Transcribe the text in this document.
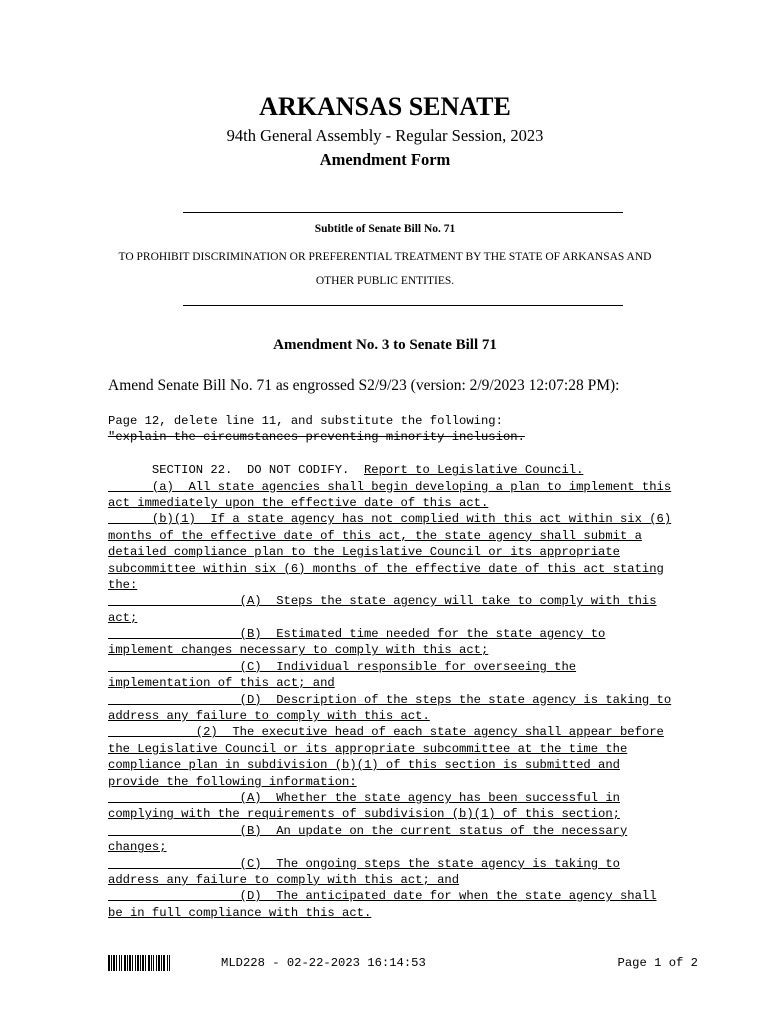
ARKANSAS SENATE
94th General Assembly - Regular Session, 2023
Amendment Form
Subtitle of Senate Bill No. 71
TO PROHIBIT DISCRIMINATION OR PREFERENTIAL TREATMENT BY THE STATE OF ARKANSAS AND OTHER PUBLIC ENTITIES.
Amendment No. 3 to Senate Bill 71
Amend Senate Bill No. 71 as engrossed S2/9/23 (version: 2/9/2023 12:07:28 PM):
Page 12, delete line 11, and substitute the following:
"explain the circumstances preventing minority inclusion.
SECTION 22.  DO NOT CODIFY.  Report to Legislative Council.
(a)  All state agencies shall begin developing a plan to implement this
act immediately upon the effective date of this act.
(b)(1)  If a state agency has not complied with this act within six (6)
months of the effective date of this act, the state agency shall submit a
detailed compliance plan to the Legislative Council or its appropriate
subcommittee within six (6) months of the effective date of this act stating
the:
(A)  Steps the state agency will take to comply with this
act;
(B)  Estimated time needed for the state agency to
implement changes necessary to comply with this act;
(C)  Individual responsible for overseeing the
implementation of this act; and
(D)  Description of the steps the state agency is taking to
address any failure to comply with this act.
(2)  The executive head of each state agency shall appear before
the Legislative Council or its appropriate subcommittee at the time the
compliance plan in subdivision (b)(1) of this section is submitted and
provide the following information:
(A)  Whether the state agency has been successful in
complying with the requirements of subdivision (b)(1) of this section;
(B)  An update on the current status of the necessary
changes;
(C)  The ongoing steps the state agency is taking to
address any failure to comply with this act; and
(D)  The anticipated date for when the state agency shall
be in full compliance with this act.
MLD228 - 02-22-2023 16:14:53	Page 1 of 2
